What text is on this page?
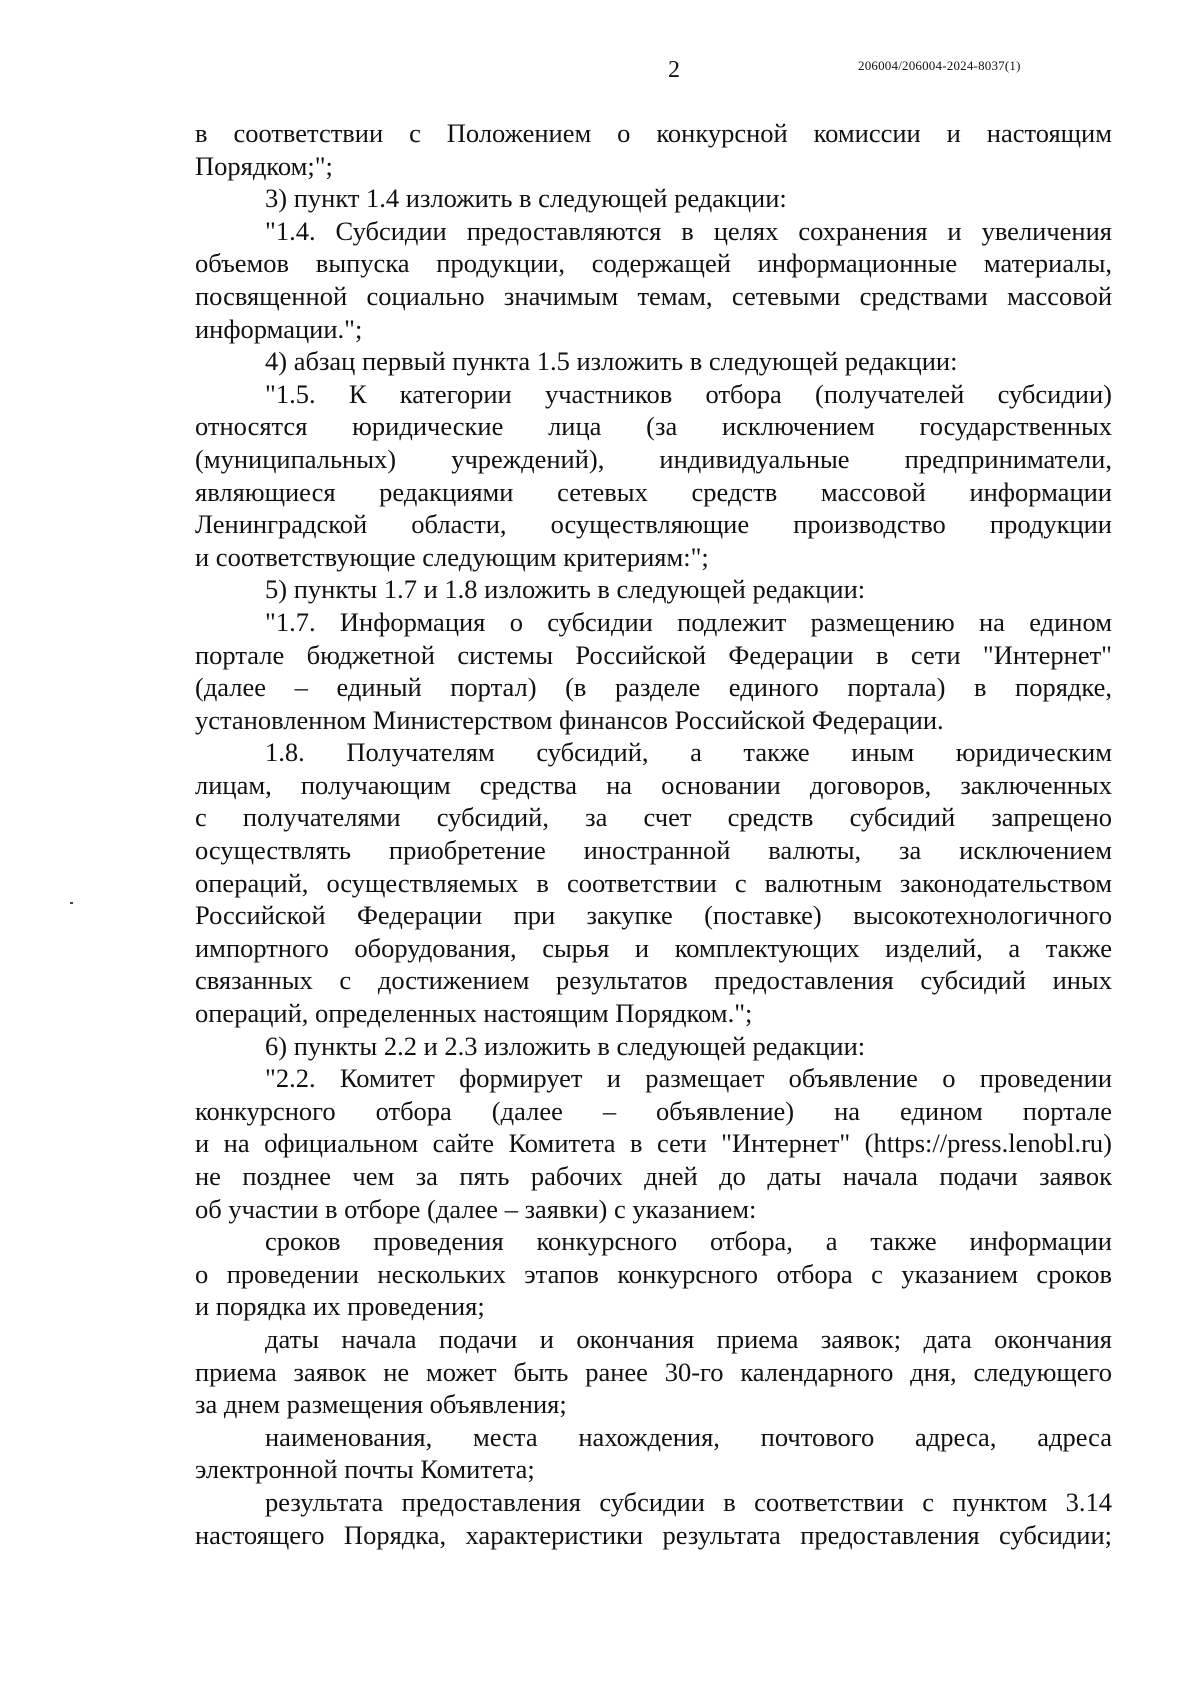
2	206004/206004-2024-8037(1)

в соответствии с Положением о конкурсной комиссии и настоящим
Порядком;";

3) пункт 1.4 изложить в следующей редакции:

"1.4. Субсидии предоставляются в целях сохранения и увеличения
объемов выпуска продукции, содержащей информационные материалы,
посвященной социально значимым темам, сетевыми средствами массовой
информации.";

4) абзац первый пункта 1.5 изложить в следующей редакции:

"1.5. К категории участников отбора (получателей субсидии)
относятся юридические лица (за исключением государственных
(муниципальных) учреждений), индивидуальные предприниматели,
являющиеся редакциями сетевых средств массовой информации
Ленинградской области, осуществляющие производство продукции
и соответствующие следующим критериям:";

5) пункты 1.7 и 1.8 изложить в следующей редакции:

"1.7. Информация о субсидии подлежит размещению на едином
портале бюджетной системы Российской Федерации в сети "Интернет"
(далее – единый портал) (в разделе единого портала) в порядке,
установленном Министерством финансов Российской Федерации.

1.8. Получателям субсидий, а также иным юридическим
лицам, получающим средства на основании договоров, заключенных
с получателями субсидий, за счет средств субсидий запрещено
осуществлять приобретение иностранной валюты, за исключением
операций, осуществляемых в соответствии с валютным законодательством
Российской Федерации при закупке (поставке) высокотехнологичного
импортного оборудования, сырья и комплектующих изделий, а также
связанных с достижением результатов предоставления субсидий иных
операций, определенных настоящим Порядком.";

6) пункты 2.2 и 2.3 изложить в следующей редакции:

"2.2. Комитет формирует и размещает объявление о проведении
конкурсного отбора (далее – объявление) на едином портале
и на официальном сайте Комитета в сети "Интернет" (https://press.lenobl.ru)
не позднее чем за пять рабочих дней до даты начала подачи заявок
об участии в отборе (далее – заявки) с указанием:

сроков проведения конкурсного отбора, а также информации
о проведении нескольких этапов конкурсного отбора с указанием сроков
и порядка их проведения;

даты начала подачи и окончания приема заявок; дата окончания
приема заявок не может быть ранее 30-го календарного дня, следующего
за днем размещения объявления;

наименования, места нахождения, почтового адреса, адреса
электронной почты Комитета;

результата предоставления субсидии в соответствии с пунктом 3.14
настоящего Порядка, характеристики результата предоставления субсидии;
